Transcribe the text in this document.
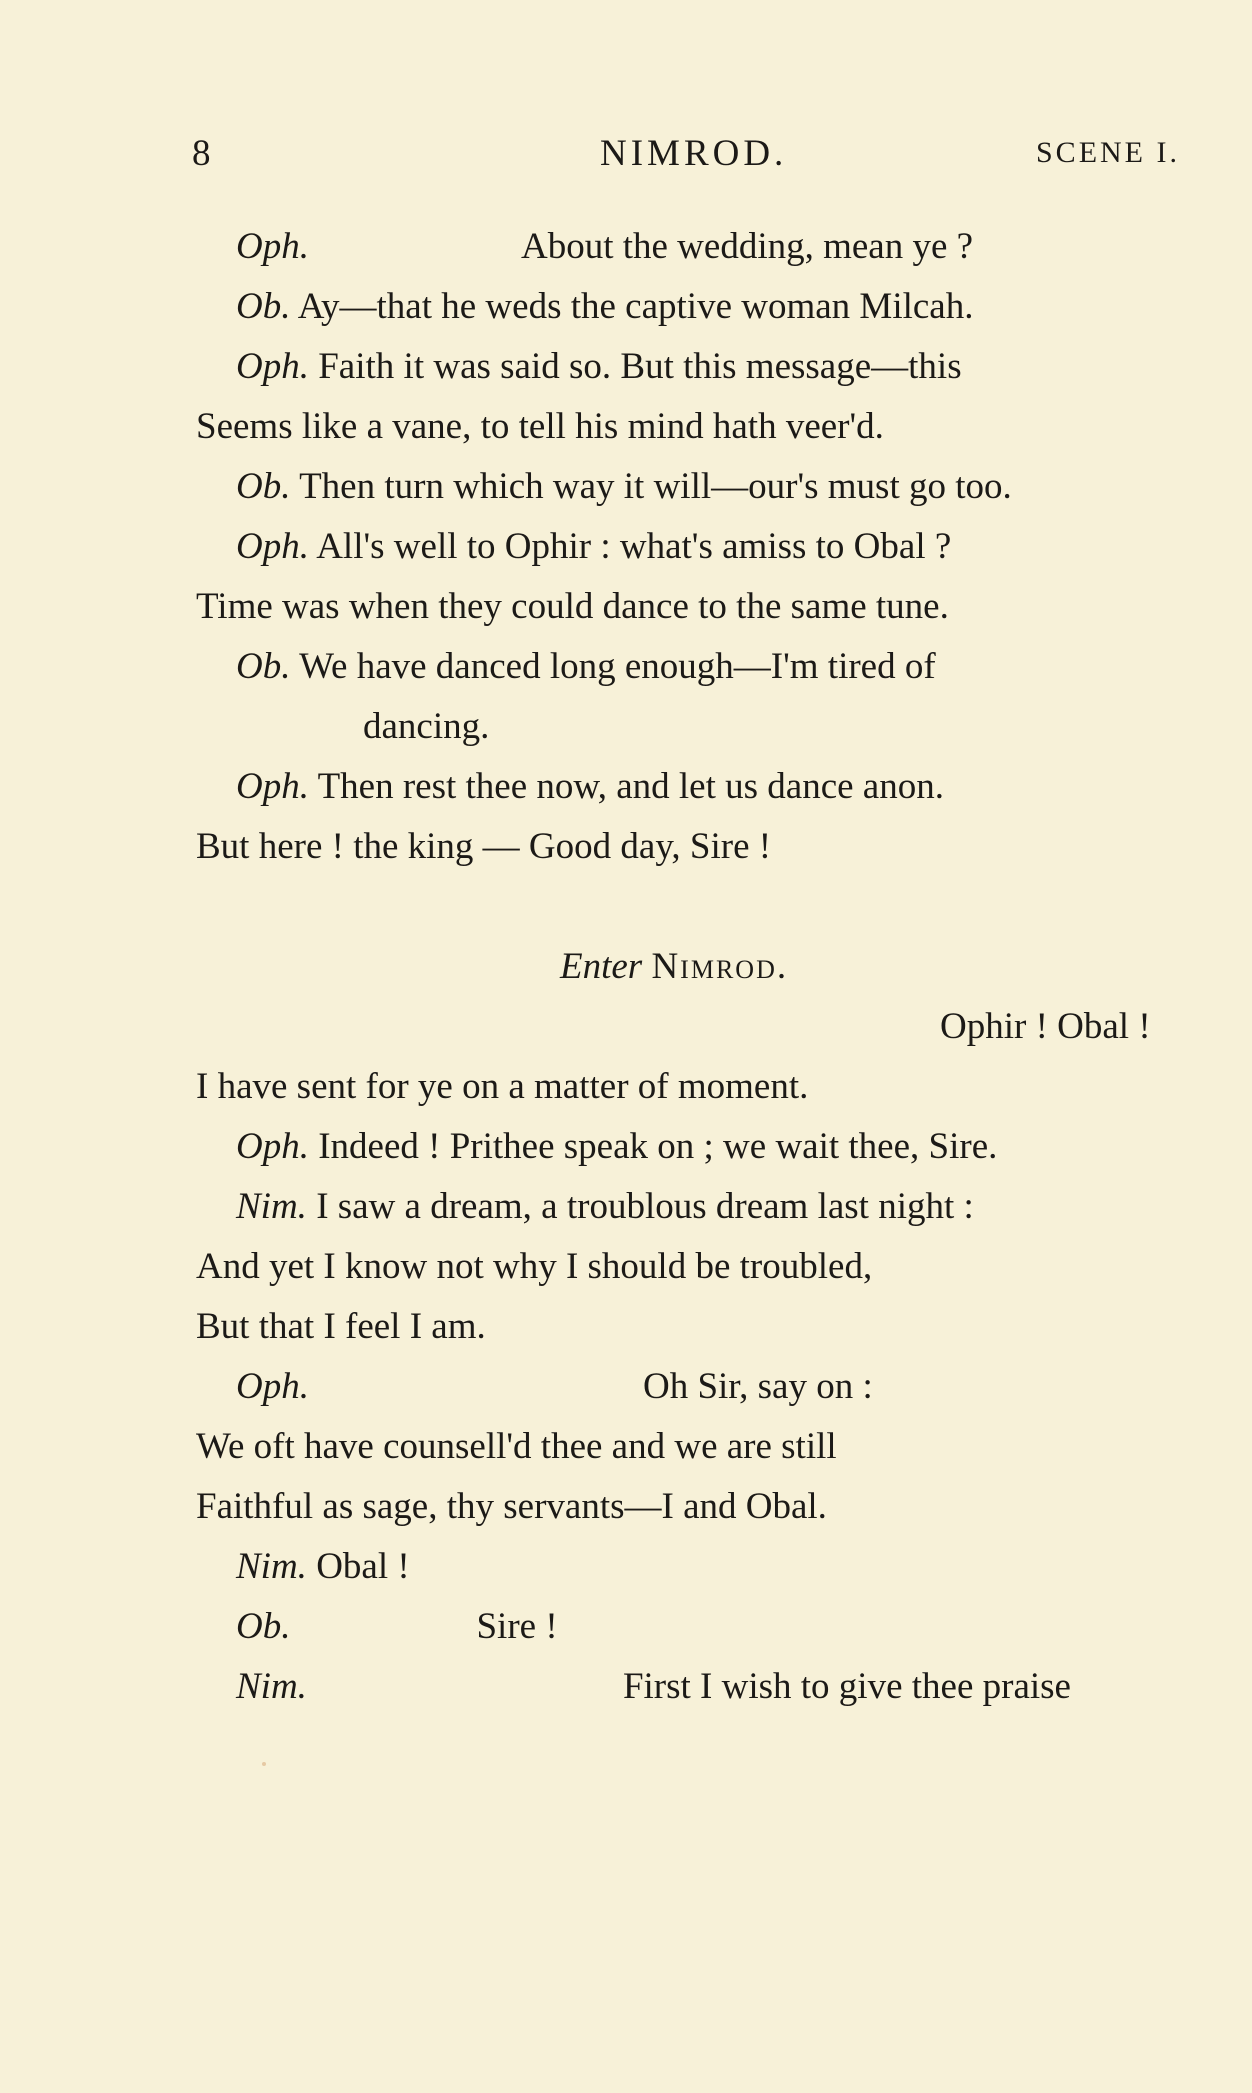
8	NIMROD.	SCENE I.
Oph.	About the wedding, mean ye ?
Ob. Ay—that he weds the captive woman Milcah.
Oph. Faith it was said so. But this message—this
Seems like a vane, to tell his mind hath veer'd.
Ob. Then turn which way it will—our's must go too.
Oph. All's well to Ophir : what's amiss to Obal ?
Time was when they could dance to the same tune.
Ob. We have danced long enough—I'm tired of
dancing.
Oph. Then rest thee now, and let us dance anon.
But here ! the king — Good day, Sire !
Enter Nimrod.
Ophir ! Obal !
I have sent for ye on a matter of moment.
Oph. Indeed ! Prithee speak on ; we wait thee, Sire.
Nim. I saw a dream, a troublous dream last night :
And yet I know not why I should be troubled,
But that I feel I am.
Oph.	Oh Sir, say on :
We oft have counsell'd thee and we are still
Faithful as sage, thy servants—I and Obal.
Nim. Obal !
Ob.	Sire !
Nim.	First I wish to give thee praise
